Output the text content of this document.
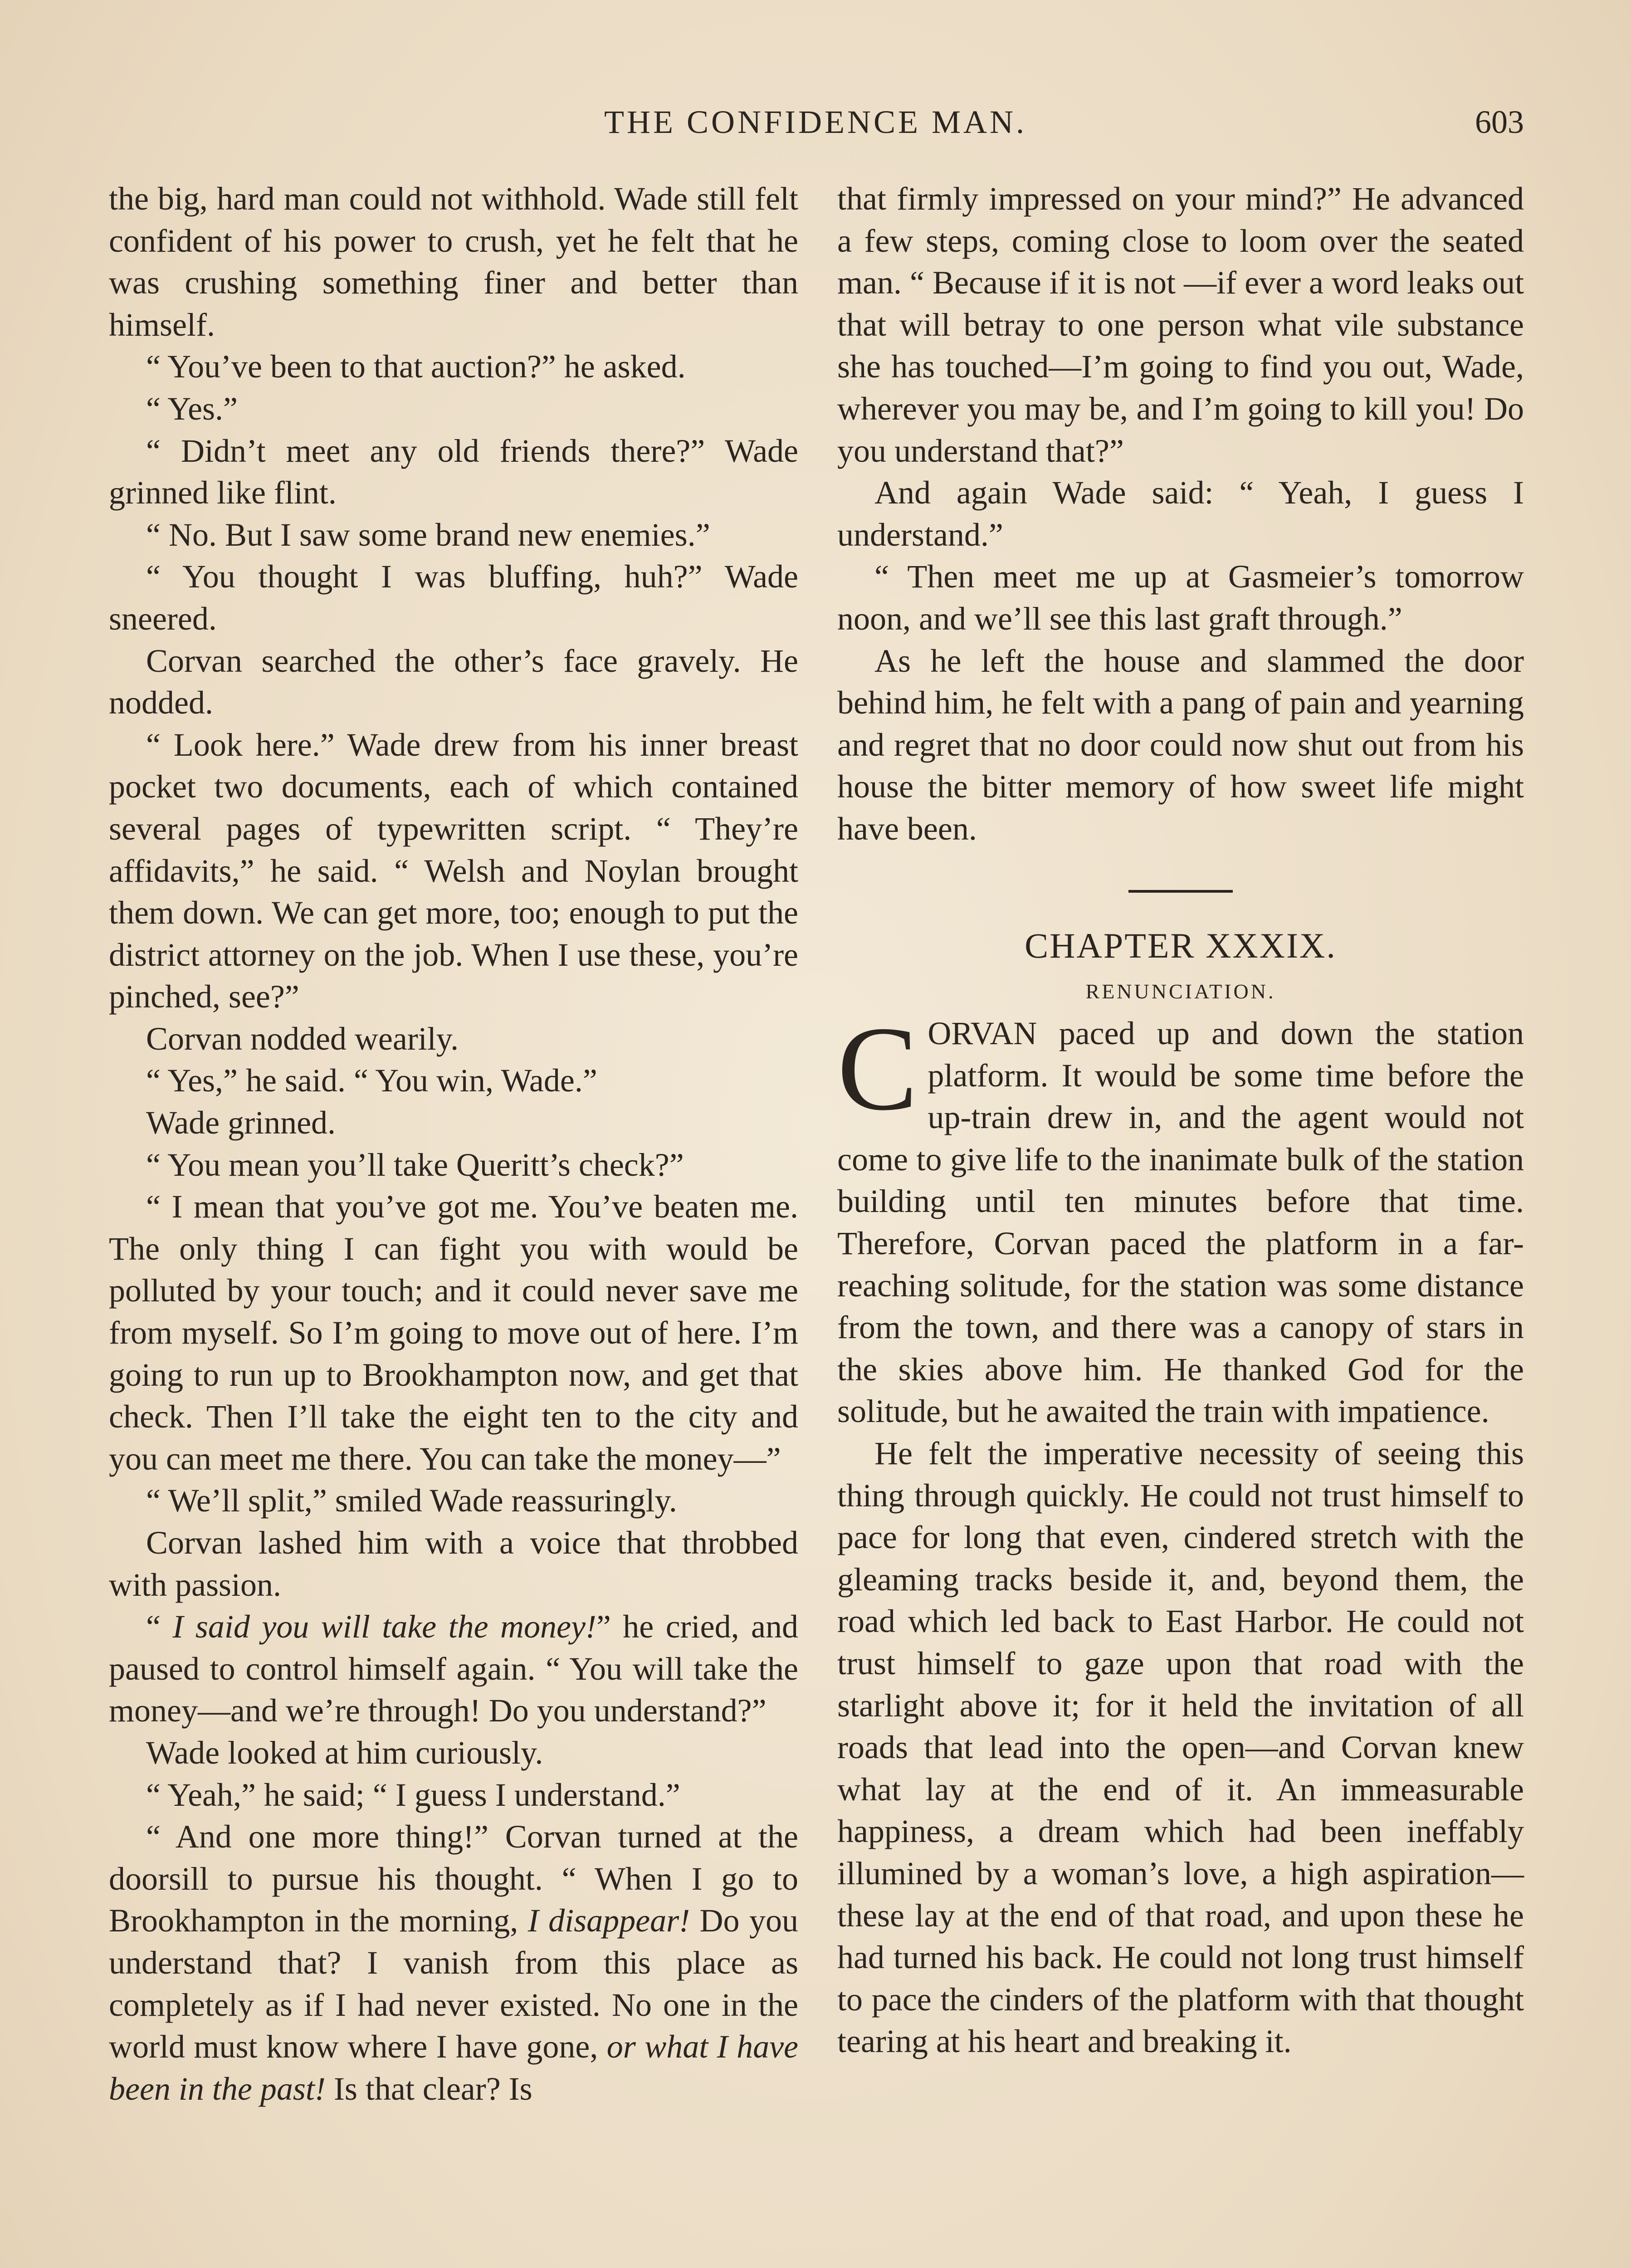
THE CONFIDENCE MAN.	603

the big, hard man could not withhold. Wade still felt confident of his power to crush, yet he felt that he was crushing something finer and better than himself.

“ You’ve been to that auction?” he asked.

“ Yes.”

“ Didn’t meet any old friends there?” Wade grinned like flint.

“ No. But I saw some brand new enemies.”

“ You thought I was bluffing, huh?” Wade sneered.

Corvan searched the other’s face gravely. He nodded.

“ Look here.” Wade drew from his inner breast pocket two documents, each of which contained several pages of typewritten script. “ They’re affidavits,” he said. “ Welsh and Noylan brought them down. We can get more, too; enough to put the district attorney on the job. When I use these, you’re pinched, see?”

Corvan nodded wearily.

“ Yes,” he said. “ You win, Wade.”

Wade grinned.

“ You mean you’ll take Queritt’s check?”

“ I mean that you’ve got me. You’ve beaten me. The only thing I can fight you with would be polluted by your touch; and it could never save me from myself. So I’m going to move out of here. I’m going to run up to Brookhampton now, and get that check. Then I’ll take the eight ten to the city and you can meet me there. You can take the money—”

“ We’ll split,” smiled Wade reassuringly.

Corvan lashed him with a voice that throbbed with passion.

“ I said you will take the money!” he cried, and paused to control himself again. “ You will take the money—and we’re through! Do you understand?”

Wade looked at him curiously.

“ Yeah,” he said; “ I guess I understand.”

“ And one more thing!” Corvan turned at the doorsill to pursue his thought. “ When I go to Brookhampton in the morning, I disappear! Do you understand that? I vanish from this place as completely as if I had never existed. No one in the world must know where I have gone, or what I have been in the past! Is that clear? Is

that firmly impressed on your mind?” He advanced a few steps, coming close to loom over the seated man. “ Because if it is not —if ever a word leaks out that will betray to one person what vile substance she has touched—I’m going to find you out, Wade, wherever you may be, and I’m going to kill you! Do you understand that?”

And again Wade said: “ Yeah, I guess I understand.”

“ Then meet me up at Gasmeier’s tomorrow noon, and we’ll see this last graft through.”

As he left the house and slammed the door behind him, he felt with a pang of pain and yearning and regret that no door could now shut out from his house the bitter memory of how sweet life might have been.

CHAPTER XXXIX.

RENUNCIATION.

CORVAN paced up and down the station platform. It would be some time before the up-train drew in, and the agent would not come to give life to the inanimate bulk of the station building until ten minutes before that time. Therefore, Corvan paced the platform in a far-reaching solitude, for the station was some distance from the town, and there was a canopy of stars in the skies above him. He thanked God for the solitude, but he awaited the train with impatience.

He felt the imperative necessity of seeing this thing through quickly. He could not trust himself to pace for long that even, cindered stretch with the gleaming tracks beside it, and, beyond them, the road which led back to East Harbor. He could not trust himself to gaze upon that road with the starlight above it; for it held the invitation of all roads that lead into the open—and Corvan knew what lay at the end of it. An immeasurable happiness, a dream which had been ineffably illumined by a woman’s love, a high aspiration—these lay at the end of that road, and upon these he had turned his back. He could not long trust himself to pace the cinders of the platform with that thought tearing at his heart and breaking it.
